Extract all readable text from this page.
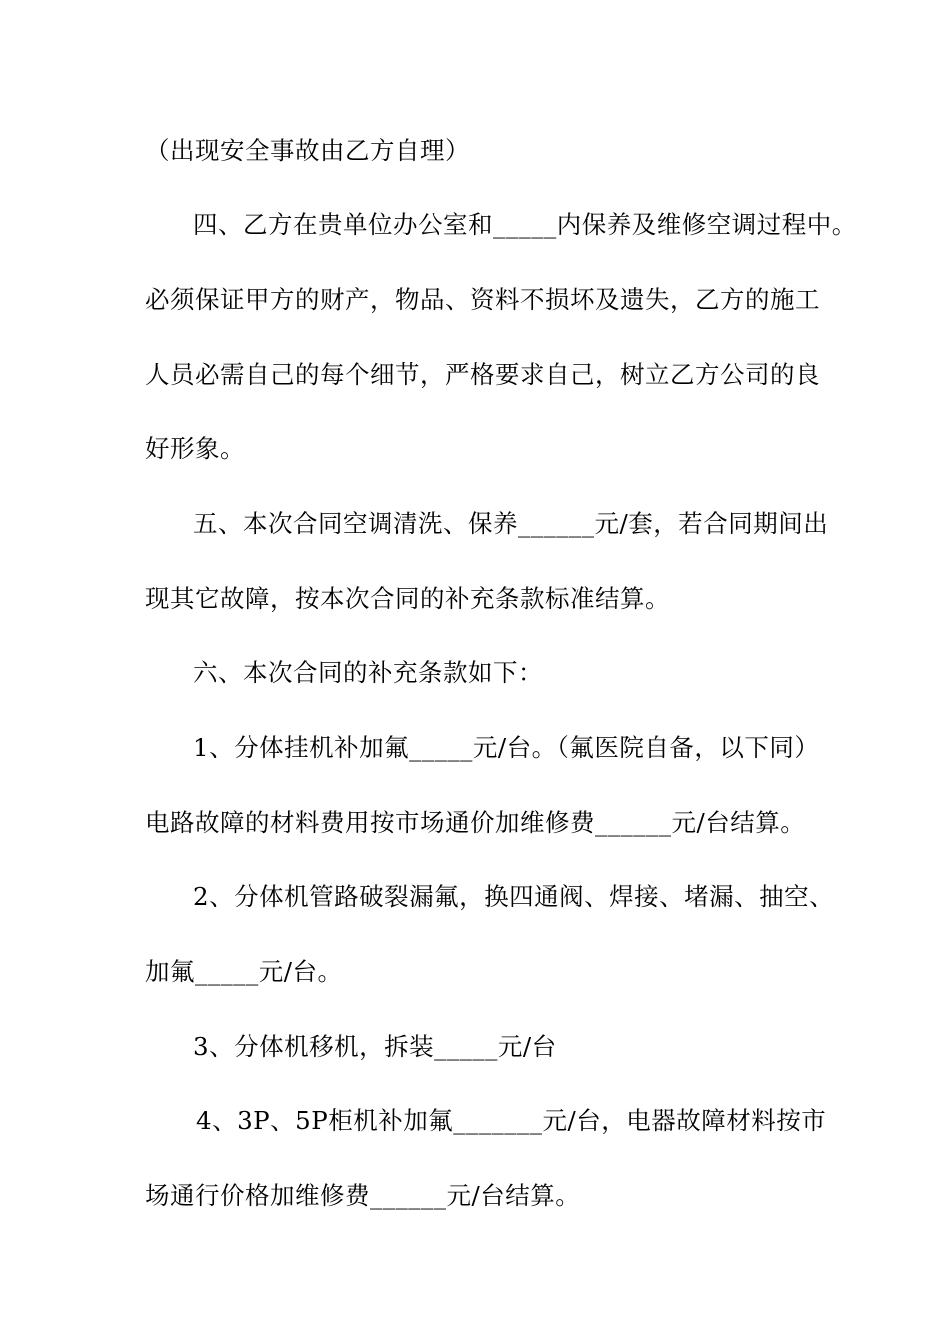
（出现安全事故由乙方自理）
四、乙方在贵单位办公室和_____内保养及维修空调过程中。
必须保证甲方的财产，物品、资料不损坏及遗失，乙方的施工
人员必需自己的每个细节，严格要求自己，树立乙方公司的良
好形象。
五、本次合同空调清洗、保养______元/套，若合同期间出
现其它故障，按本次合同的补充条款标准结算。
六、本次合同的补充条款如下：
1、分体挂机补加氟_____元/台。（氟医院自备，以下同）
电路故障的材料费用按市场通价加维修费______元/台结算。
2、分体机管路破裂漏氟，换四通阀、焊接、堵漏、抽空、
加氟_____元/台。
3、分体机移机，拆装_____元/台
4、3P、5P柜机补加氟_______元/台，电器故障材料按市
场通行价格加维修费______元/台结算。
